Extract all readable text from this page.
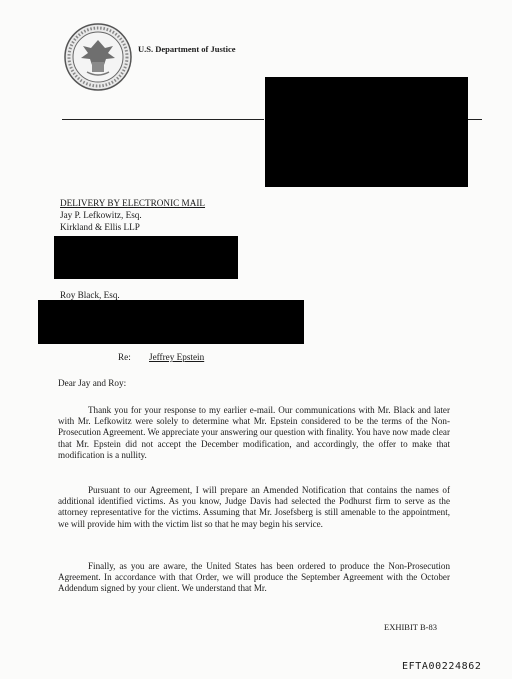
U.S. Department of Justice
DELIVERY BY ELECTRONIC MAIL
Jay P. Lefkowitz, Esq.
Kirkland & Ellis LLP
Roy Black, Esq.
Re: Jeffrey Epstein
Dear Jay and Roy:
Thank you for your response to my earlier e-mail. Our communications with Mr. Black and later with Mr. Lefkowitz were solely to determine what Mr. Epstein considered to be the terms of the Non-Prosecution Agreement. We appreciate your answering our question with finality. You have now made clear that Mr. Epstein did not accept the December modification, and accordingly, the offer to make that modification is a nullity.
Pursuant to our Agreement, I will prepare an Amended Notification that contains the names of additional identified victims. As you know, Judge Davis had selected the Podhurst firm to serve as the attorney representative for the victims. Assuming that Mr. Josefsberg is still amenable to the appointment, we will provide him with the victim list so that he may begin his service.
Finally, as you are aware, the United States has been ordered to produce the Non-Prosecution Agreement. In accordance with that Order, we will produce the September Agreement with the October Addendum signed by your client. We understand that Mr.
EXHIBIT B-83
EFTA00224862
